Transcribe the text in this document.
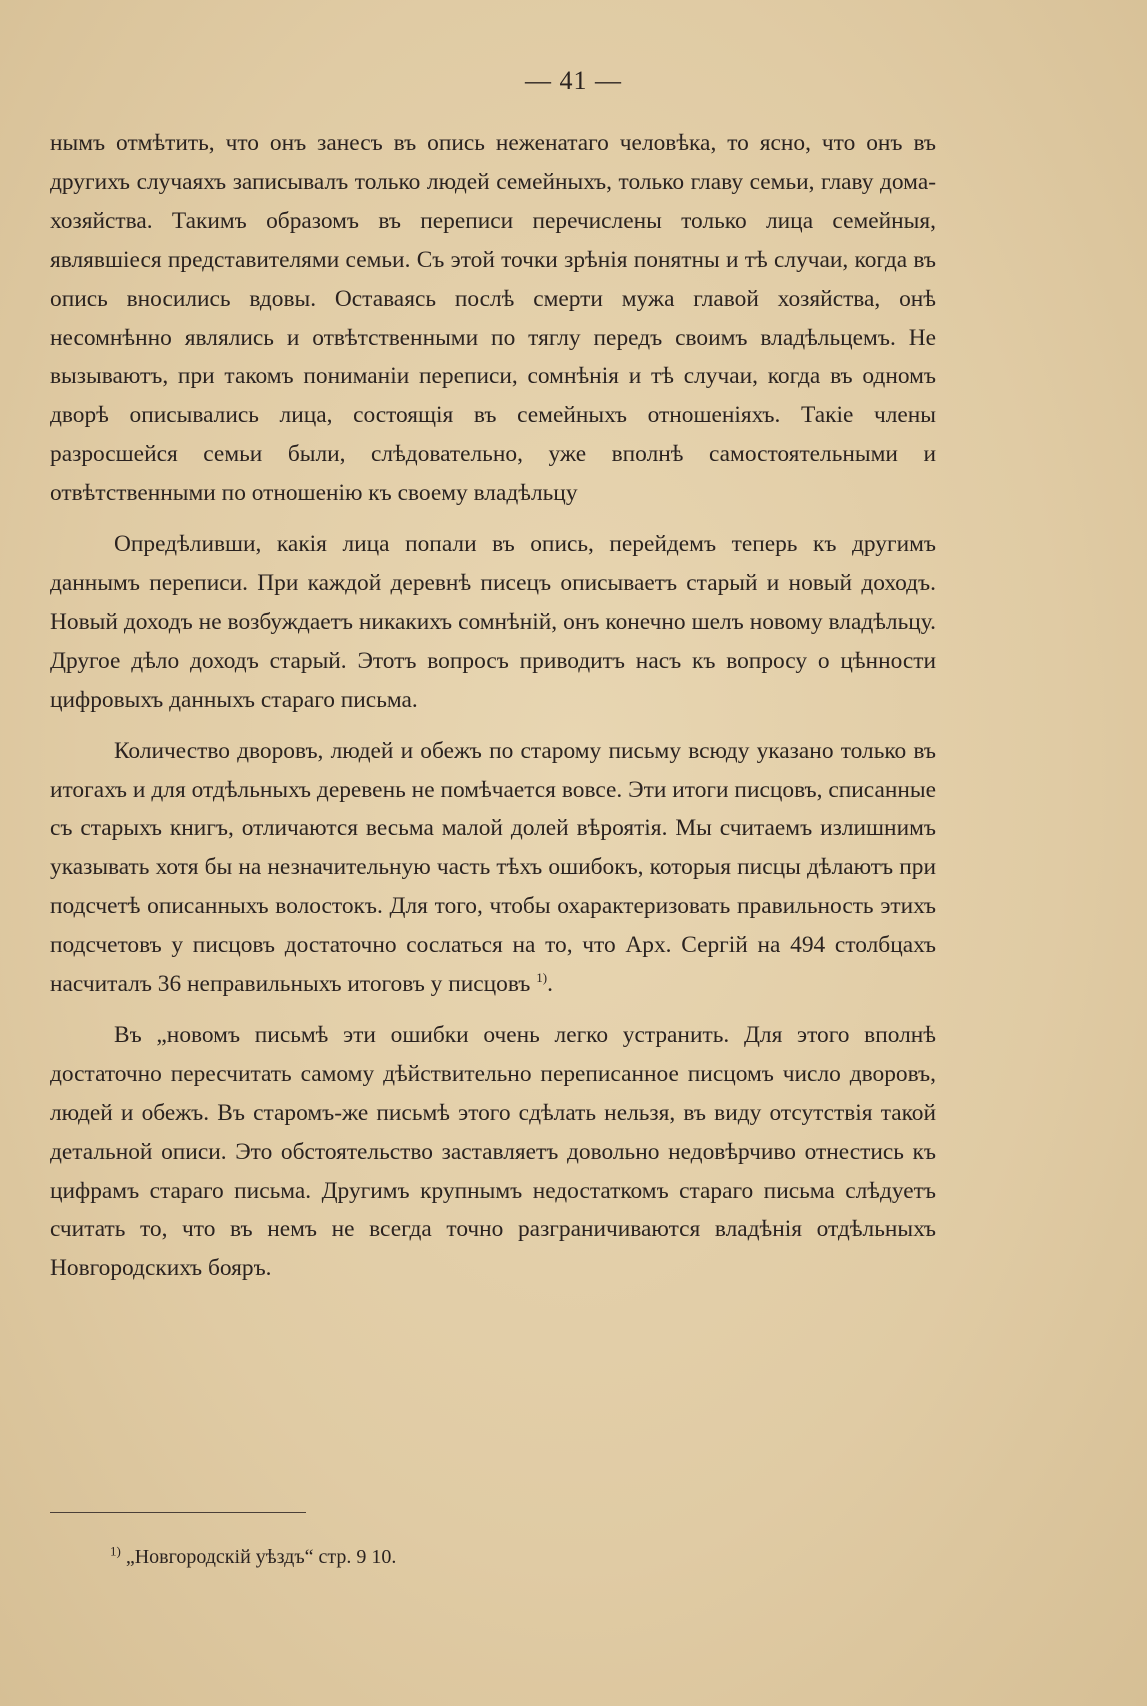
— 41 —

нымъ отмѣтить, что онъ занесъ въ опись неженатаго человѣка, то ясно, что онъ въ другихъ случаяхъ записывалъ только людей семейныхъ, только главу семьи, главу дома-хозяйства. Такимъ образомъ въ переписи перечислены только лица семейныя, являвшіеся представителями семьи. Съ этой точки зрѣнія понятны и тѣ случаи, когда въ опись вносились вдовы. Оставаясь послѣ смерти мужа главой хозяйства, онѣ несомнѣнно являлись и отвѣтственными по тяглу передъ своимъ владѣльцемъ. Не вызываютъ, при такомъ пониманіи переписи, сомнѣнія и тѣ случаи, когда въ одномъ дворѣ описывались лица, состоящія въ семейныхъ отношеніяхъ. Такіе члены разросшейся семьи были, слѣдовательно, уже вполнѣ самостоятельными и отвѣтственными по отношенію къ своему владѣльцу

Опредѣливши, какія лица попали въ опись, перейдемъ теперь къ другимъ даннымъ переписи. При каждой деревнѣ писецъ описываетъ старый и новый доходъ. Новый доходъ не возбуждаетъ никакихъ сомнѣній, онъ конечно шелъ новому владѣльцу. Другое дѣло доходъ старый. Этотъ вопросъ приводитъ насъ къ вопросу о цѣнности цифровыхъ данныхъ стараго письма.

Количество дворовъ, людей и обежъ по старому письму всюду указано только въ итогахъ и для отдѣльныхъ деревень не помѣчается вовсе. Эти итоги писцовъ, списанные съ старыхъ книгъ, отличаются весьма малой долей вѣроятія. Мы считаемъ излишнимъ указывать хотя бы на незначительную часть тѣхъ ошибокъ, которыя писцы дѣлаютъ при подсчетѣ описанныхъ волостокъ. Для того, чтобы охарактеризовать правильность этихъ подсчетовъ у писцовъ достаточно сослаться на то, что Арх. Сергій на 494 столбцахъ насчиталъ 36 неправильныхъ итоговъ у писцовъ $^{1)}$.

Въ „новомъ письмѣ эти ошибки очень легко устранить. Для этого вполнѣ достаточно пересчитать самому дѣйствительно переписанное писцомъ число дворовъ, людей и обежъ. Въ старомъ-же письмѣ этого сдѣлать нельзя, въ виду отсутствія такой детальной описи. Это обстоятельство заставляетъ довольно недовѣрчиво отнестись къ цифрамъ стараго письма. Другимъ крупнымъ недостаткомъ стараго письма слѣдуетъ считать то, что въ немъ не всегда точно разграничиваются владѣнія отдѣльныхъ Новгородскихъ бояръ.

$^{1)}$ „Новгородскій уѣздъ“ стр. 9 10.
